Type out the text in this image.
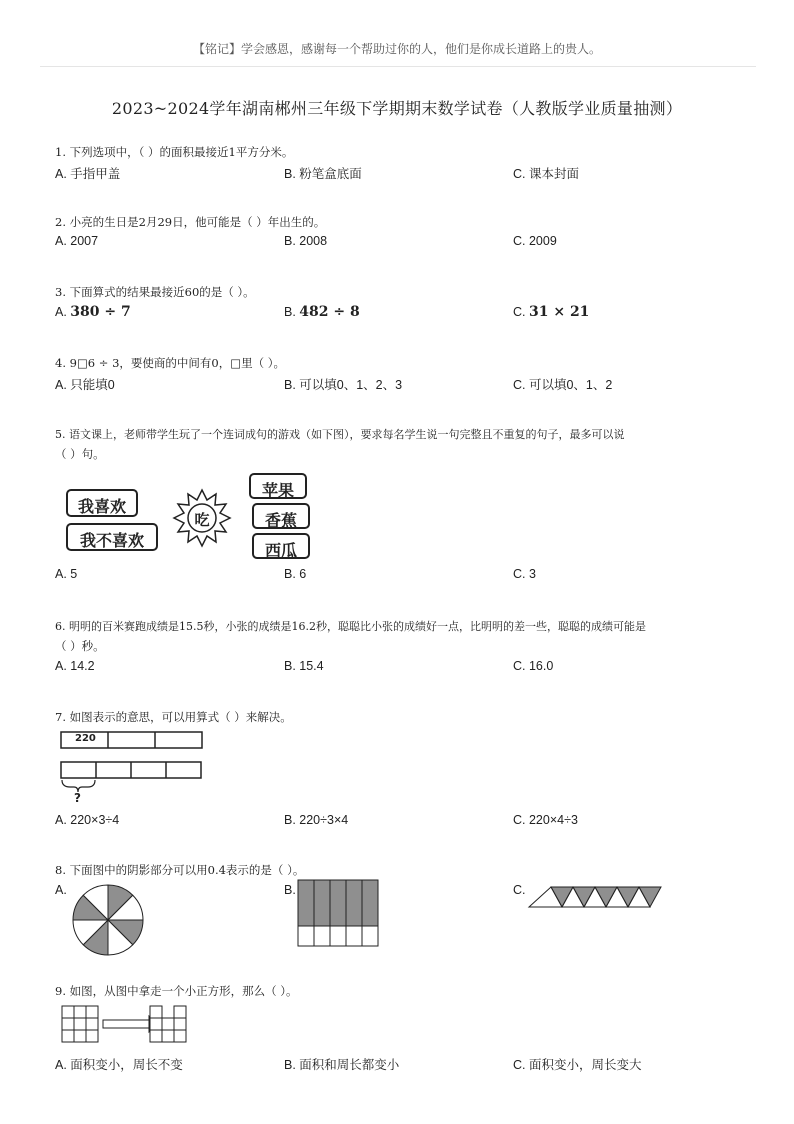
【铭记】学会感恩，感谢每一个帮助过你的人，他们是你成长道路上的贵人。
2023~2024学年湖南郴州三年级下学期期末数学试卷（人教版学业质量抽测）
1. 下列选项中，（ ）的面积最接近1平方分米。
A. 手指甲盖	B. 粉笔盒底面	C. 课本封面
2. 小亮的生日是2月29日，他可能是（ ）年出生的。
A. 2007	B. 2008	C. 2009
3. 下面算式的结果最接近60的是（ ）。
A. 380 ÷ 7	B. 482 ÷ 8	C. 31 × 21
4. 9□6 ÷ 3，要使商的中间有0，□里（ ）。
A. 只能填0	B. 可以填0、1、2、3	C. 可以填0、1、2
5. 语文课上，老师带学生玩了一个连词成句的游戏（如下图），要求每名学生说一句完整且不重复的句子，最多可以说
（ ）句。
我喜欢
我不喜欢
吃
苹果
香蕉
西瓜
A. 5	B. 6	C. 3
6. 明明的百米赛跑成绩是15.5秒，小张的成绩是16.2秒，聪聪比小张的成绩好一点，比明明的差一些，聪聪的成绩可能是
（ ）秒。
A. 14.2	B. 15.4	C. 16.0
7. 如图表示的意思，可以用算式（ ）来解决。
220
?
A. 220×3÷4	B. 220÷3×4	C. 220×4÷3
8. 下面图中的阴影部分可以用0.4表示的是（ ）。
A.	B.	C.
9. 如图，从图中拿走一个小正方形，那么（ ）。
A. 面积变小，周长不变	B. 面积和周长都变小	C. 面积变小，周长变大
